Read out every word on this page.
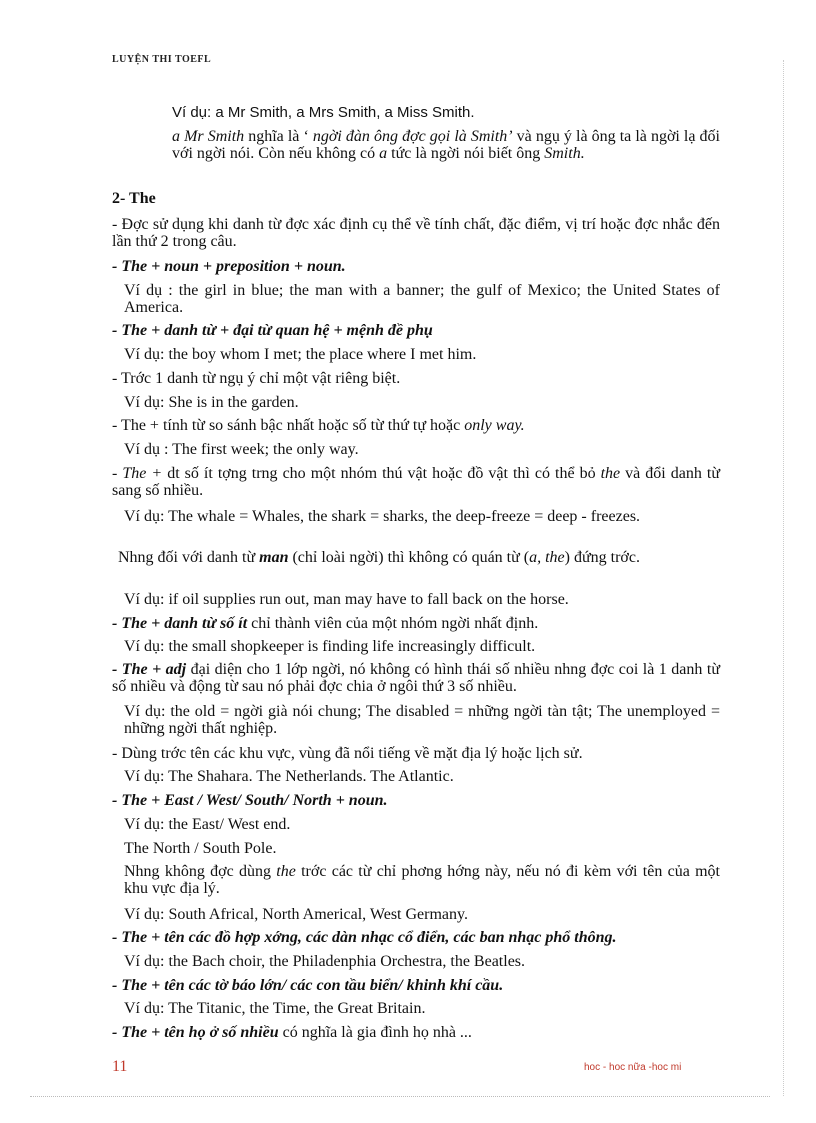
LUYỆN THI TOEFL
Ví dụ: a Mr Smith, a Mrs Smith, a Miss Smith.
a Mr Smith nghĩa là ‘ ngời đàn ông đợc gọi là Smith’ và ngụ ý là ông ta là ngời lạ đối với ngời nói. Còn nếu không có a tức là ngời nói biết ông Smith.
2- The
- Đợc sử dụng khi danh từ đợc xác định cụ thể về tính chất, đặc điểm, vị trí hoặc đợc nhắc đến lần thứ 2 trong câu.
- The + noun + preposition + noun.
Ví dụ : the girl in blue; the man with a banner; the gulf of Mexico; the United States of America.
- The + danh từ + đại từ quan hệ + mệnh đề phụ
Ví dụ: the boy whom I met; the place where I met him.
- Trớc 1 danh từ ngụ ý chỉ một vật riêng biệt.
Ví dụ: She is in the garden.
- The + tính từ so sánh bậc nhất hoặc số từ thứ tự hoặc only way.
Ví dụ : The first week; the only way.
- The + dt số ít tợng trng cho một nhóm thú vật hoặc đồ vật thì có thể bỏ the và đổi danh từ sang số nhiều.
Ví dụ: The whale = Whales, the shark = sharks, the deep-freeze = deep - freezes.
Nhng đối với danh từ man (chỉ loài ngời) thì không có quán từ (a, the) đứng trớc.
Ví dụ: if oil supplies run out, man may have to fall back on the horse.
- The + danh từ số ít chỉ thành viên của một nhóm ngời nhất định.
Ví dụ: the small shopkeeper is finding life increasingly difficult.
- The + adj đại diện cho 1 lớp ngời, nó không có hình thái số nhiều nhng đợc coi là 1 danh từ số nhiều và động từ sau nó phải đợc chia ở ngôi thứ 3 số nhiều.
Ví dụ: the old = ngời già nói chung; The disabled = những ngời tàn tật; The unemployed = những ngời thất nghiệp.
- Dùng trớc tên các khu vực, vùng đã nổi tiếng về mặt địa lý hoặc lịch sử.
Ví dụ: The Shahara. The Netherlands. The Atlantic.
- The + East / West/ South/ North + noun.
Ví dụ: the East/ West end.
The North / South Pole.
Nhng không đợc dùng the trớc các từ chỉ phơng hớng này, nếu nó đi kèm với tên của một khu vực địa lý.
Ví dụ: South Africal, North Americal, West Germany.
- The + tên các đồ hợp xớng, các dàn nhạc cổ điển, các ban nhạc phổ thông.
Ví dụ: the Bach choir, the Philadenphia Orchestra, the Beatles.
- The + tên các tờ báo lớn/ các con tầu biển/ khinh khí cầu.
Ví dụ: The Titanic, the Time, the Great Britain.
- The + tên họ ở số nhiều có nghĩa là gia đình họ nhà ...
11	hoc - hoc nữa -hoc mi
